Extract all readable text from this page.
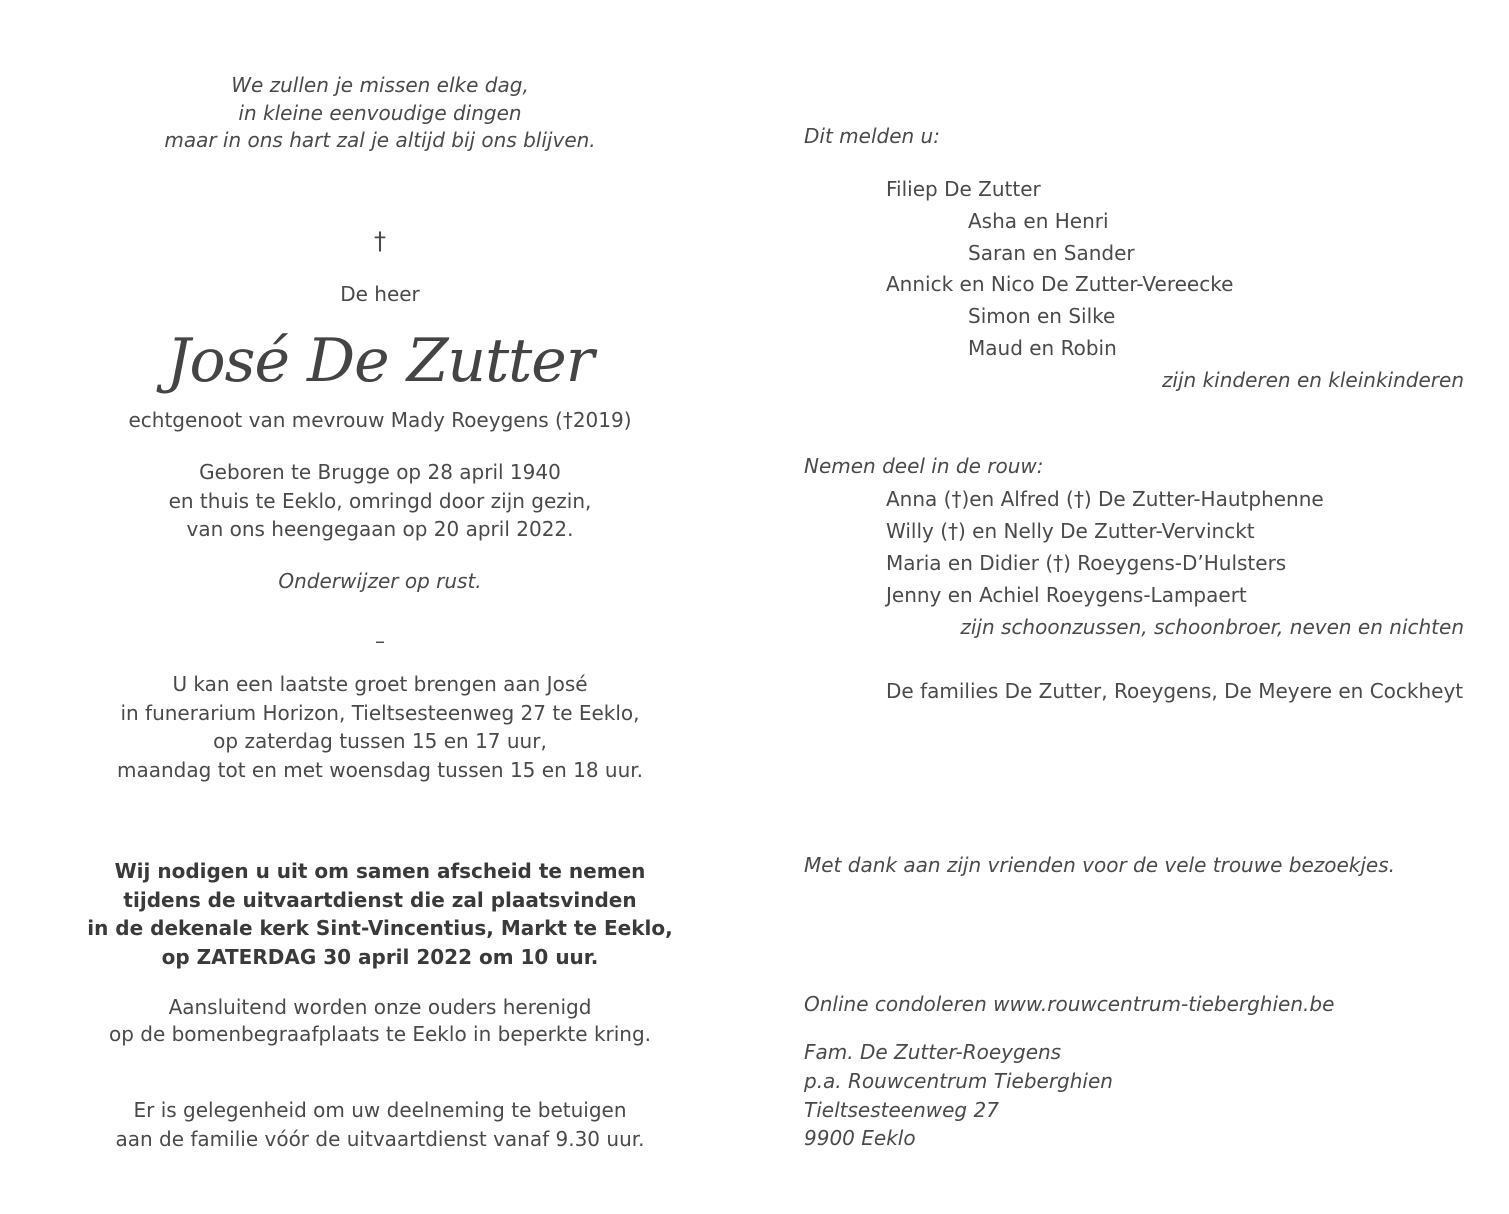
We zullen je missen elke dag,
in kleine eenvoudige dingen
maar in ons hart zal je altijd bij ons blijven.
†
De heer
José De Zutter
echtgenoot van mevrouw Mady Roeygens (†2019)
Geboren te Brugge op 28 april 1940
en thuis te Eeklo, omringd door zijn gezin,
van ons heengegaan op 20 april 2022.
Onderwijzer op rust.
–
U kan een laatste groet brengen aan José
in funerarium Horizon, Tieltsesteenweg 27 te Eeklo,
op zaterdag tussen 15 en 17 uur,
maandag tot en met woensdag tussen 15 en 18 uur.
Wij nodigen u uit om samen afscheid te nemen
tijdens de uitvaartdienst die zal plaatsvinden
in de dekenale kerk Sint-Vincentius, Markt te Eeklo,
op ZATERDAG 30 april 2022 om 10 uur.
Aansluitend worden onze ouders herenigd
op de bomenbegraafplaats te Eeklo in beperkte kring.
Er is gelegenheid om uw deelneming te betuigen
aan de familie vóór de uitvaartdienst vanaf 9.30 uur.
Dit melden u:
Filiep De Zutter
Asha en Henri
Saran en Sander
Annick en Nico De Zutter-Vereecke
Simon en Silke
Maud en Robin
zijn kinderen en kleinkinderen
Nemen deel in de rouw:
Anna (†)en Alfred (†) De Zutter-Hautphenne
Willy (†) en Nelly De Zutter-Vervinckt
Maria en Didier (†) Roeygens-D’Hulsters
Jenny en Achiel Roeygens-Lampaert
zijn schoonzussen, schoonbroer, neven en nichten
De families De Zutter, Roeygens, De Meyere en Cockheyt
Met dank aan zijn vrienden voor de vele trouwe bezoekjes.
Online condoleren www.rouwcentrum-tieberghien.be
Fam. De Zutter-Roeygens
p.a. Rouwcentrum Tieberghien
Tieltsesteenweg 27
9900 Eeklo
